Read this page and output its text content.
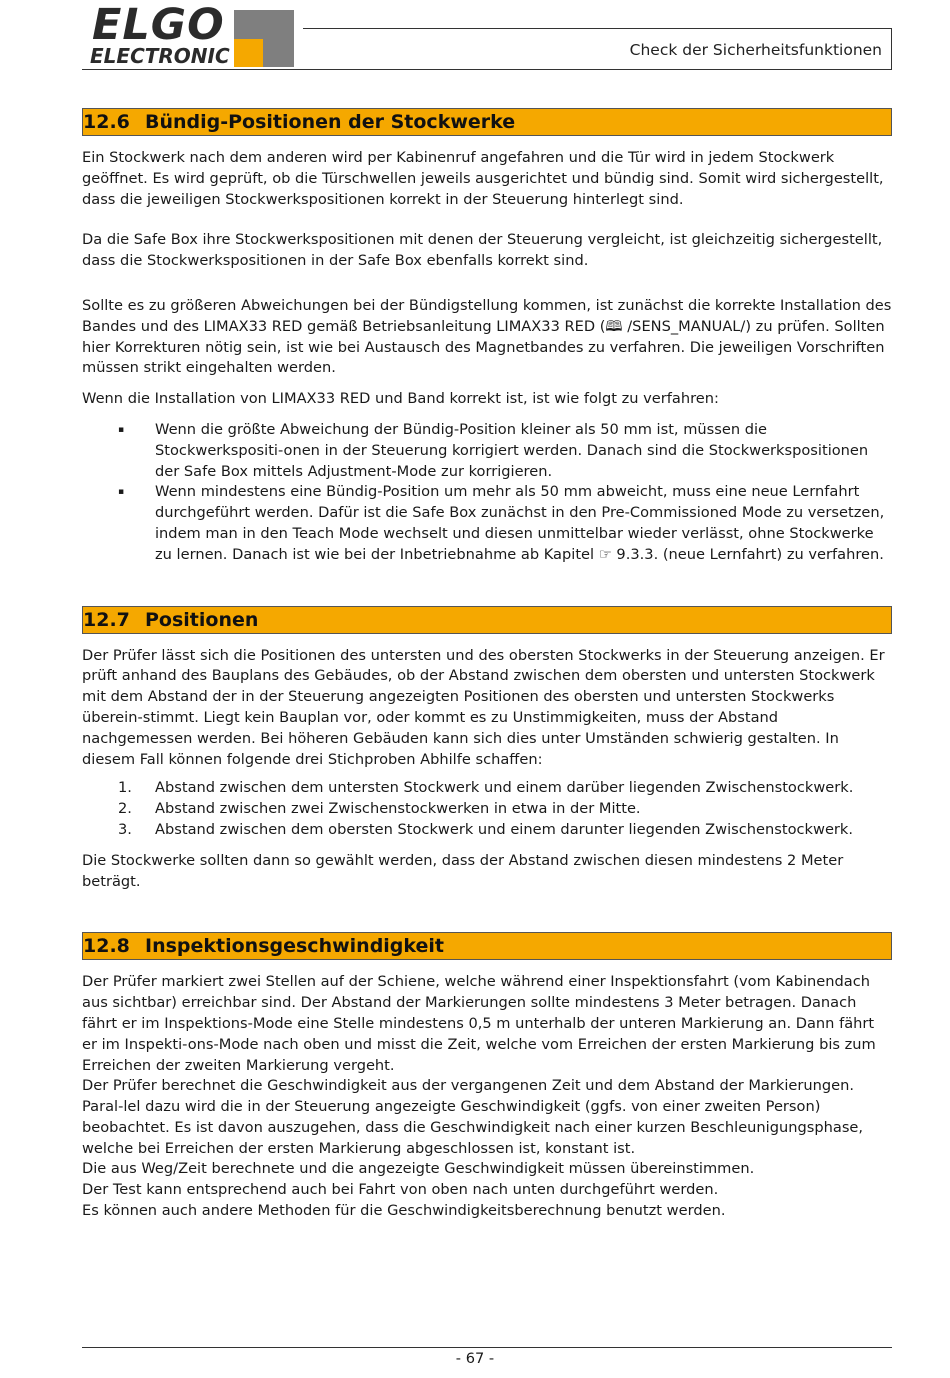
ELGO
ELECTRONIC	Check der Sicherheitsfunktionen
12.6 Bündig-Positionen der Stockwerke

Ein Stockwerk nach dem anderen wird per Kabinenruf angefahren und die Tür wird in jedem Stockwerk geöffnet. Es wird geprüft, ob die Türschwellen jeweils ausgerichtet und bündig sind. Somit wird sichergestellt, dass die jeweiligen Stockwerkspositionen korrekt in der Steuerung hinterlegt sind.

Da die Safe Box ihre Stockwerkspositionen mit denen der Steuerung vergleicht, ist gleichzeitig sichergestellt, dass die Stockwerkspositionen in der Safe Box ebenfalls korrekt sind.

Sollte es zu größeren Abweichungen bei der Bündigstellung kommen, ist zunächst die korrekte Installation des Bandes und des LIMAX33 RED gemäß Betriebsanleitung LIMAX33 RED (🕮 /SENS_MANUAL/) zu prüfen. Sollten hier Korrekturen nötig sein, ist wie bei Austausch des Magnetbandes zu verfahren. Die jeweiligen Vorschriften müssen strikt eingehalten werden.

Wenn die Installation von LIMAX33 RED und Band korrekt ist, ist wie folgt zu verfahren:

▪ Wenn die größte Abweichung der Bündig-Position kleiner als 50 mm ist, müssen die Stockwerkspositi-onen in der Steuerung korrigiert werden. Danach sind die Stockwerkspositionen der Safe Box mittels Adjustment-Mode zur korrigieren.
▪ Wenn mindestens eine Bündig-Position um mehr als 50 mm abweicht, muss eine neue Lernfahrt durchgeführt werden. Dafür ist die Safe Box zunächst in den Pre-Commissioned Mode zu versetzen, indem man in den Teach Mode wechselt und diesen unmittelbar wieder verlässt, ohne Stockwerke zu lernen. Danach ist wie bei der Inbetriebnahme ab Kapitel ☞ 9.3.3. (neue Lernfahrt) zu verfahren.
12.7 Positionen

Der Prüfer lässt sich die Positionen des untersten und des obersten Stockwerks in der Steuerung anzeigen. Er prüft anhand des Bauplans des Gebäudes, ob der Abstand zwischen dem obersten und untersten Stockwerk mit dem Abstand der in der Steuerung angezeigten Positionen des obersten und untersten Stockwerks überein-stimmt. Liegt kein Bauplan vor, oder kommt es zu Unstimmigkeiten, muss der Abstand nachgemessen werden. Bei höheren Gebäuden kann sich dies unter Umständen schwierig gestalten. In diesem Fall können folgende drei Stichproben Abhilfe schaffen:

1. Abstand zwischen dem untersten Stockwerk und einem darüber liegenden Zwischenstockwerk.
2. Abstand zwischen zwei Zwischenstockwerken in etwa in der Mitte.
3. Abstand zwischen dem obersten Stockwerk und einem darunter liegenden Zwischenstockwerk.

Die Stockwerke sollten dann so gewählt werden, dass der Abstand zwischen diesen mindestens 2 Meter beträgt.

12.8 Inspektionsgeschwindigkeit

Der Prüfer markiert zwei Stellen auf der Schiene, welche während einer Inspektionsfahrt (vom Kabinendach aus sichtbar) erreichbar sind. Der Abstand der Markierungen sollte mindestens 3 Meter betragen. Danach fährt er im Inspektions-Mode eine Stelle mindestens 0,5 m unterhalb der unteren Markierung an. Dann fährt er im Inspekti-ons-Mode nach oben und misst die Zeit, welche vom Erreichen der ersten Markierung bis zum Erreichen der zweiten Markierung vergeht.

Der Prüfer berechnet die Geschwindigkeit aus der vergangenen Zeit und dem Abstand der Markierungen. Paral-lel dazu wird die in der Steuerung angezeigte Geschwindigkeit (ggfs. von einer zweiten Person) beobachtet. Es ist davon auszugehen, dass die Geschwindigkeit nach einer kurzen Beschleunigungsphase, welche bei Erreichen der ersten Markierung abgeschlossen ist, konstant ist.

Die aus Weg/Zeit berechnete und die angezeigte Geschwindigkeit müssen übereinstimmen.

Der Test kann entsprechend auch bei Fahrt von oben nach unten durchgeführt werden.

Es können auch andere Methoden für die Geschwindigkeitsberechnung benutzt werden.

- 67 -
